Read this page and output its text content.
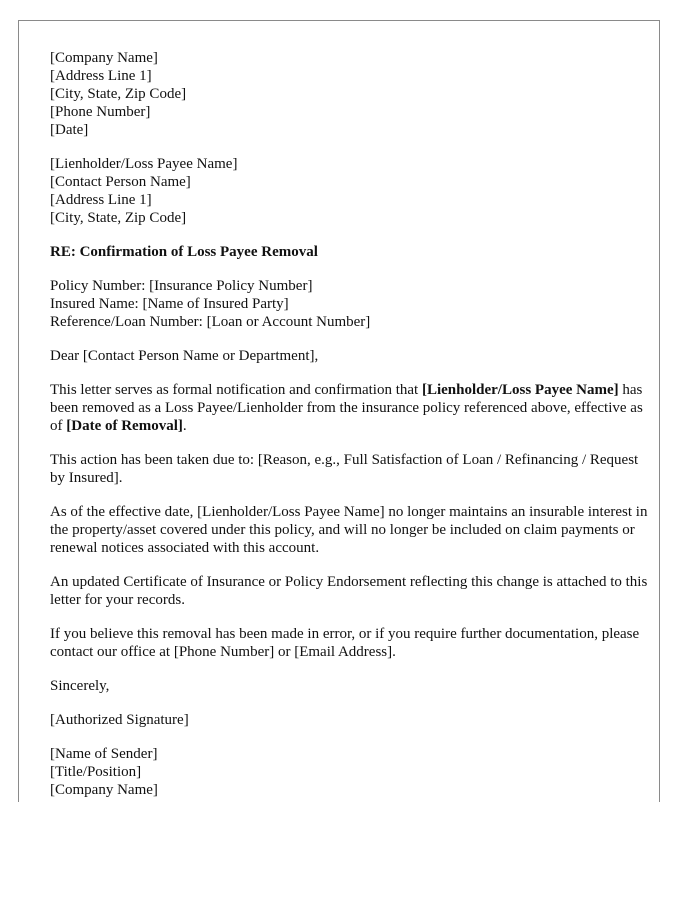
[Company Name]
[Address Line 1]
[City, State, Zip Code]
[Phone Number]
[Date]
[Lienholder/Loss Payee Name]
[Contact Person Name]
[Address Line 1]
[City, State, Zip Code]

RE: Confirmation of Loss Payee Removal

Policy Number: [Insurance Policy Number]
Insured Name: [Name of Insured Party]
Reference/Loan Number: [Loan or Account Number]

Dear [Contact Person Name or Department],

This letter serves as formal notification and confirmation that [Lienholder/Loss Payee Name] has been removed as a Loss Payee/Lienholder from the insurance policy referenced above, effective as of [Date of Removal].

This action has been taken due to: [Reason, e.g., Full Satisfaction of Loan / Refinancing / Request by Insured].

As of the effective date, [Lienholder/Loss Payee Name] no longer maintains an insurable interest in the property/asset covered under this policy, and will no longer be included on claim payments or renewal notices associated with this account.

An updated Certificate of Insurance or Policy Endorsement reflecting this change is attached to this letter for your records.

If you believe this removal has been made in error, or if you require further documentation, please contact our office at [Phone Number] or [Email Address].

Sincerely,

[Authorized Signature]

[Name of Sender]
[Title/Position]
[Company Name]
